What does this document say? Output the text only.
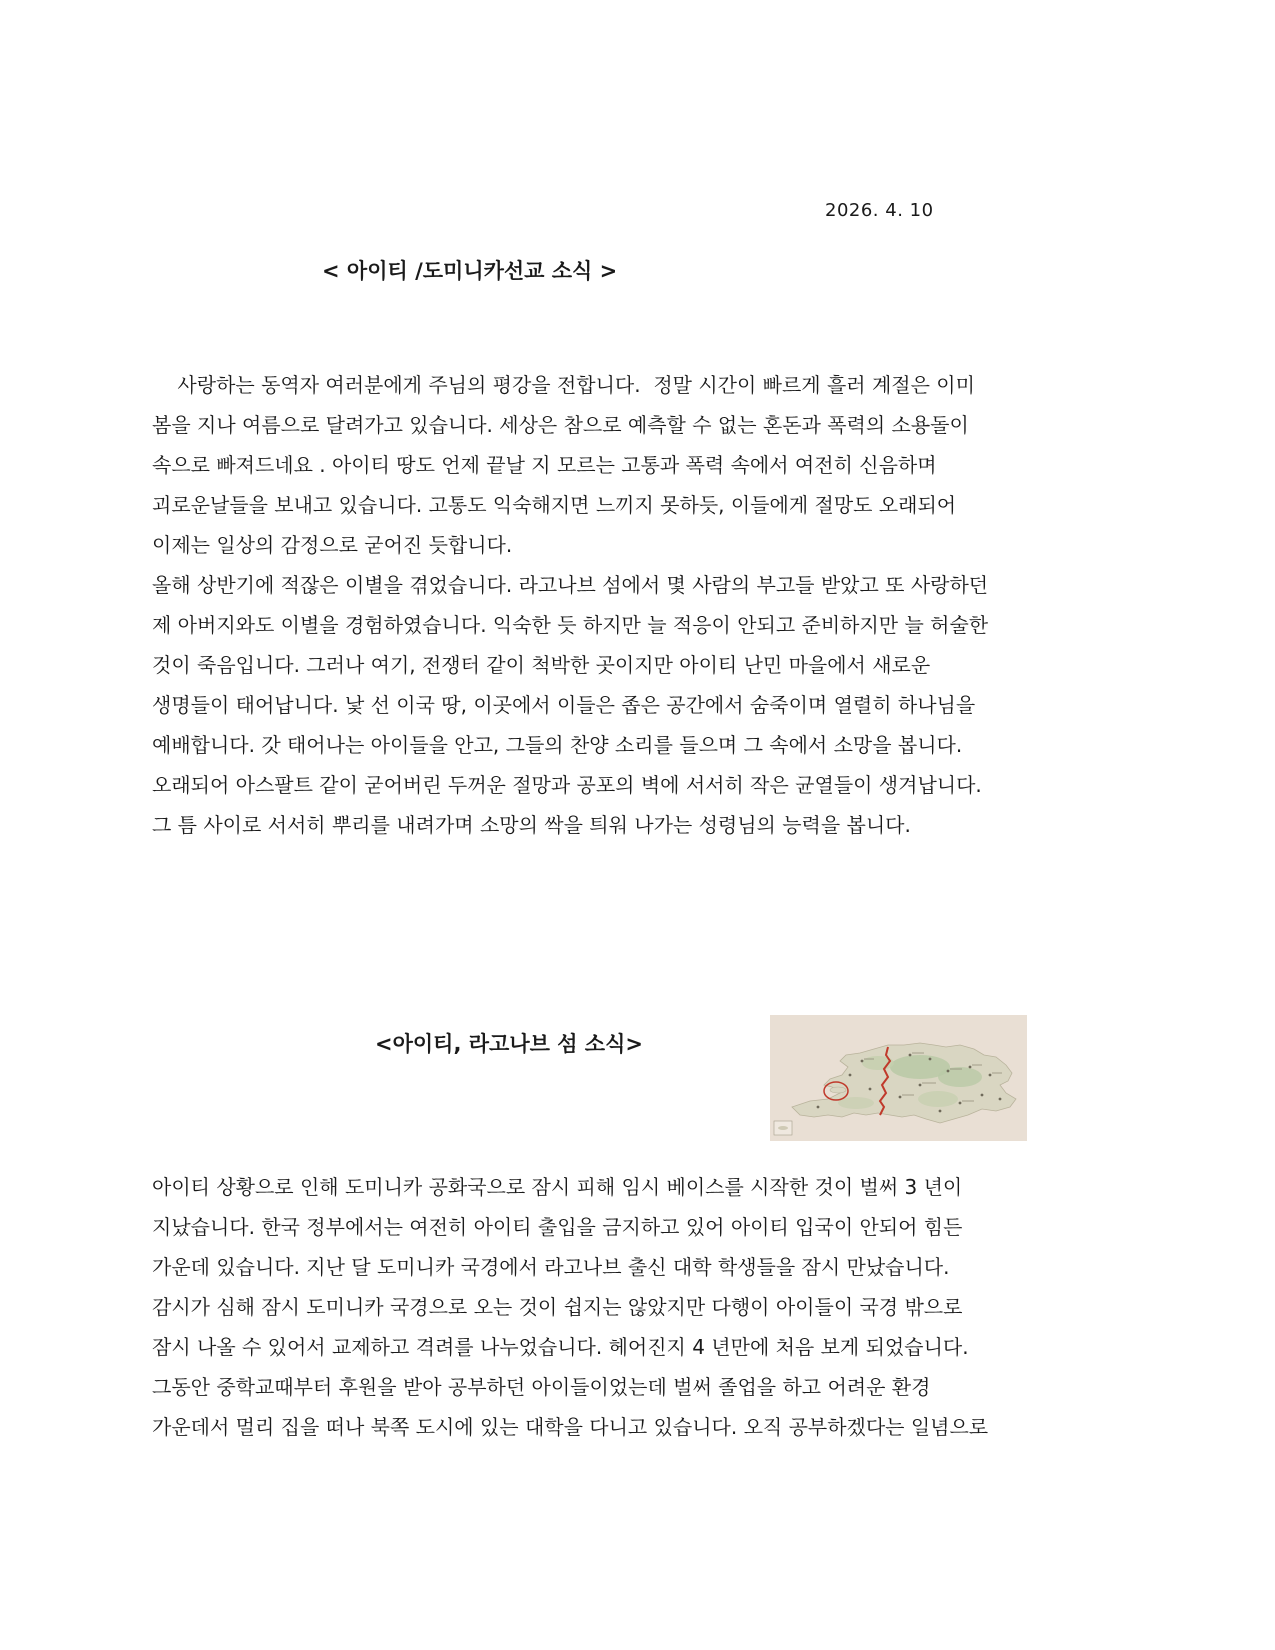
2026. 4. 10
< 아이티 /도미니카선교 소식 >
사랑하는 동역자 여러분에게 주님의 평강을 전합니다.  정말 시간이 빠르게 흘러 계절은 이미
봄을 지나 여름으로 달려가고 있습니다. 세상은 참으로 예측할 수 없는 혼돈과 폭력의 소용돌이
속으로 빠져드네요 . 아이티 땅도 언제 끝날 지 모르는 고통과 폭력 속에서 여전히 신음하며
괴로운날들을 보내고 있습니다. 고통도 익숙해지면 느끼지 못하듯, 이들에게 절망도 오래되어
이제는 일상의 감정으로 굳어진 듯합니다.
올해 상반기에 적잖은 이별을 겪었습니다. 라고나브 섬에서 몇 사람의 부고들 받았고 또 사랑하던
제 아버지와도 이별을 경험하였습니다. 익숙한 듯 하지만 늘 적응이 안되고 준비하지만 늘 허술한
것이 죽음입니다. 그러나 여기, 전쟁터 같이 척박한 곳이지만 아이티 난민 마을에서 새로운
생명들이 태어납니다. 낯 선 이국 땅, 이곳에서 이들은 좁은 공간에서 숨죽이며 열렬히 하나님을
예배합니다. 갓 태어나는 아이들을 안고, 그들의 찬양 소리를 들으며 그 속에서 소망을 봅니다.
오래되어 아스팔트 같이 굳어버린 두꺼운 절망과 공포의 벽에 서서히 작은 균열들이 생겨납니다.
그 틈 사이로 서서히 뿌리를 내려가며 소망의 싹을 틔워 나가는 성령님의 능력을 봅니다.
<아이티, 라고나브 섬 소식>
아이티 상황으로 인해 도미니카 공화국으로 잠시 피해 임시 베이스를 시작한 것이 벌써 3 년이
지났습니다. 한국 정부에서는 여전히 아이티 출입을 금지하고 있어 아이티 입국이 안되어 힘든
가운데 있습니다. 지난 달 도미니카 국경에서 라고나브 출신 대학 학생들을 잠시 만났습니다.
감시가 심해 잠시 도미니카 국경으로 오는 것이 쉽지는 않았지만 다행이 아이들이 국경 밖으로
잠시 나올 수 있어서 교제하고 격려를 나누었습니다. 헤어진지 4 년만에 처음 보게 되었습니다.
그동안 중학교때부터 후원을 받아 공부하던 아이들이었는데 벌써 졸업을 하고 어려운 환경
가운데서 멀리 집을 떠나 북쪽 도시에 있는 대학을 다니고 있습니다. 오직 공부하겠다는 일념으로
